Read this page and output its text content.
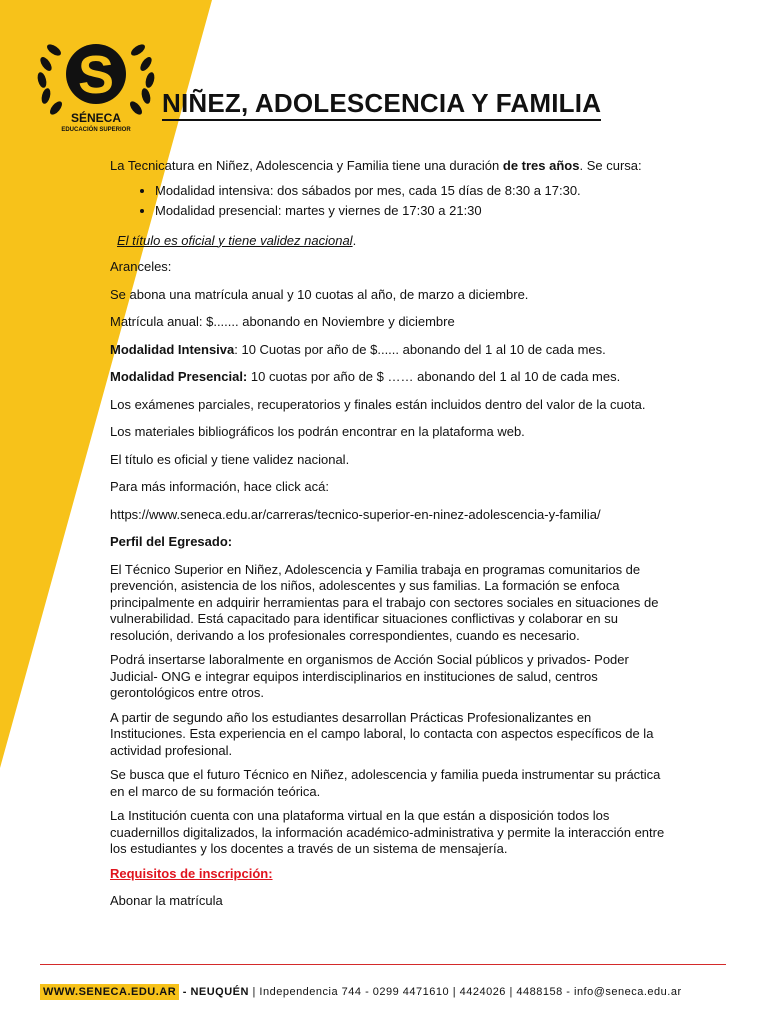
S
SÉNECA
EDUCACIÓN SUPERIOR
NIÑEZ, ADOLESCENCIA Y FAMILIA

La Tecnicatura en Niñez, Adolescencia y Familia tiene una duración de tres años. Se cursa:

• Modalidad intensiva: dos sábados por mes, cada 15 días de 8:30 a 17:30.
• Modalidad presencial: martes y viernes de 17:30 a 21:30

El título es oficial y tiene validez nacional.

Aranceles:

Se abona una matrícula anual y 10 cuotas al año, de marzo a diciembre.

Matrícula anual: $....... abonando en Noviembre y diciembre

Modalidad Intensiva: 10 Cuotas por año de $...... abonando del 1 al 10 de cada mes.

Modalidad Presencial: 10 cuotas por año de $ …… abonando del 1 al 10 de cada mes.

Los exámenes parciales, recuperatorios y finales están incluidos dentro del valor de la cuota.

Los materiales bibliográficos los podrán encontrar en la plataforma web.

El título es oficial y tiene validez nacional.

Para más información, hace click acá:

https://www.seneca.edu.ar/carreras/tecnico-superior-en-ninez-adolescencia-y-familia/

Perfil del Egresado:

El Técnico Superior en Niñez, Adolescencia y Familia trabaja en programas comunitarios de prevención, asistencia de los niños, adolescentes y sus familias. La formación se enfoca principalmente en adquirir herramientas para el trabajo con sectores sociales en situaciones de vulnerabilidad. Está capacitado para identificar situaciones conflictivas y colaborar en su resolución, derivando a los profesionales correspondientes, cuando es necesario.

Podrá insertarse laboralmente en organismos de Acción Social públicos y privados- Poder Judicial- ONG e integrar equipos interdisciplinarios en instituciones de salud, centros gerontológicos entre otros.

A partir de segundo año los estudiantes desarrollan Prácticas Profesionalizantes en Instituciones. Esta experiencia en el campo laboral, lo contacta con aspectos específicos de la actividad profesional.

Se busca que el futuro Técnico en Niñez, adolescencia y familia pueda instrumentar su práctica en el marco de su formación teórica.

La Institución cuenta con una plataforma virtual en la que están a disposición todos los cuadernillos digitalizados, la información académico-administrativa y permite la interacción entre los estudiantes y los docentes a través de un sistema de mensajería.

Requisitos de inscripción:

Abonar la matrícula

WWW.SENECA.EDU.AR - NEUQUÉN | Independencia 744 - 0299 4471610 | 4424026 | 4488158 - info@seneca.edu.ar
